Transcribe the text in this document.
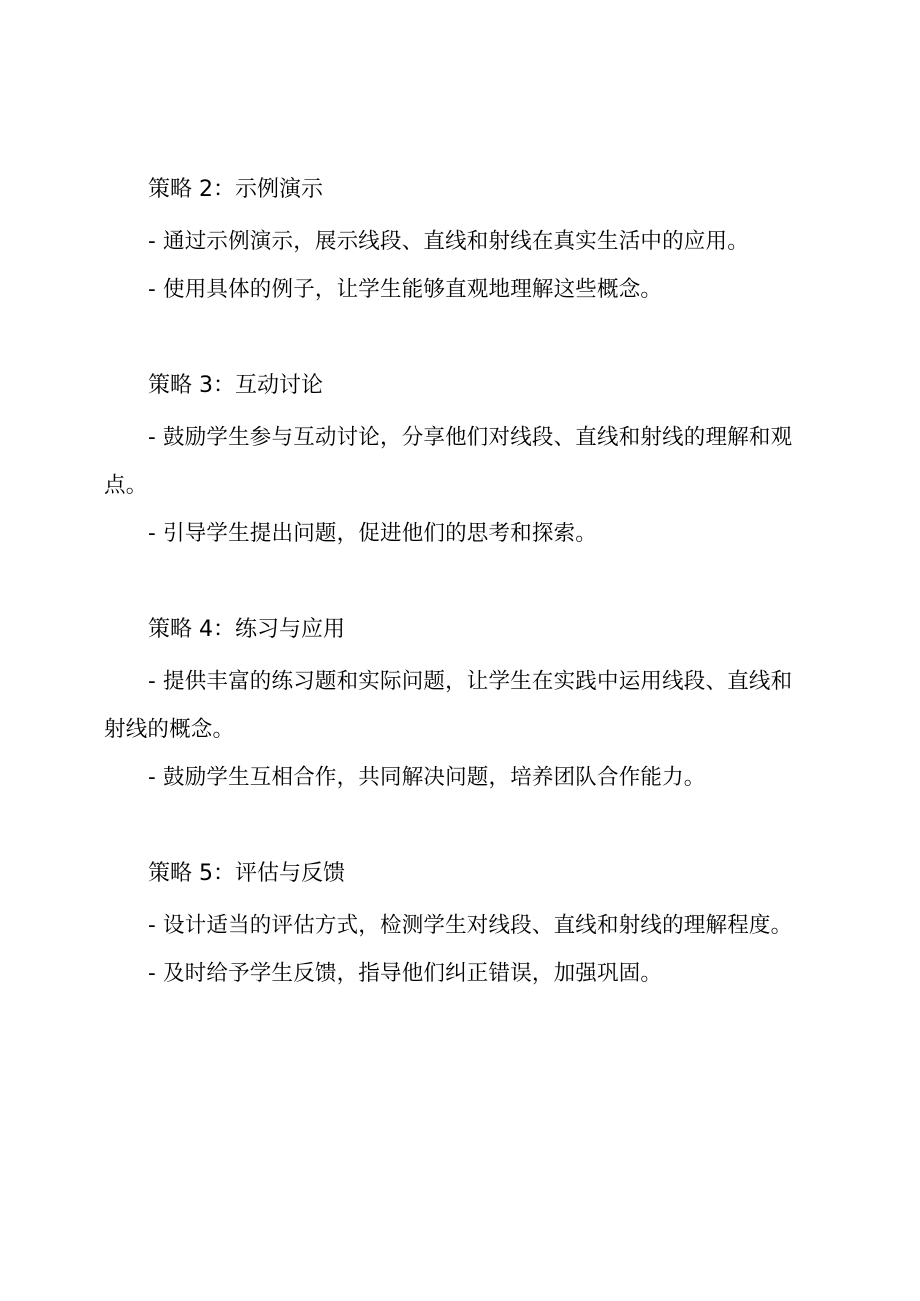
策略 2：示例演示

- 通过示例演示，展示线段、直线和射线在真实生活中的应用。

- 使用具体的例子，让学生能够直观地理解这些概念。

策略 3：互动讨论

- 鼓励学生参与互动讨论，分享他们对线段、直线和射线的理解和观点。

- 引导学生提出问题，促进他们的思考和探索。

策略 4：练习与应用

- 提供丰富的练习题和实际问题，让学生在实践中运用线段、直线和射线的概念。

- 鼓励学生互相合作，共同解决问题，培养团队合作能力。

策略 5：评估与反馈

- 设计适当的评估方式，检测学生对线段、直线和射线的理解程度。

- 及时给予学生反馈，指导他们纠正错误，加强巩固。
